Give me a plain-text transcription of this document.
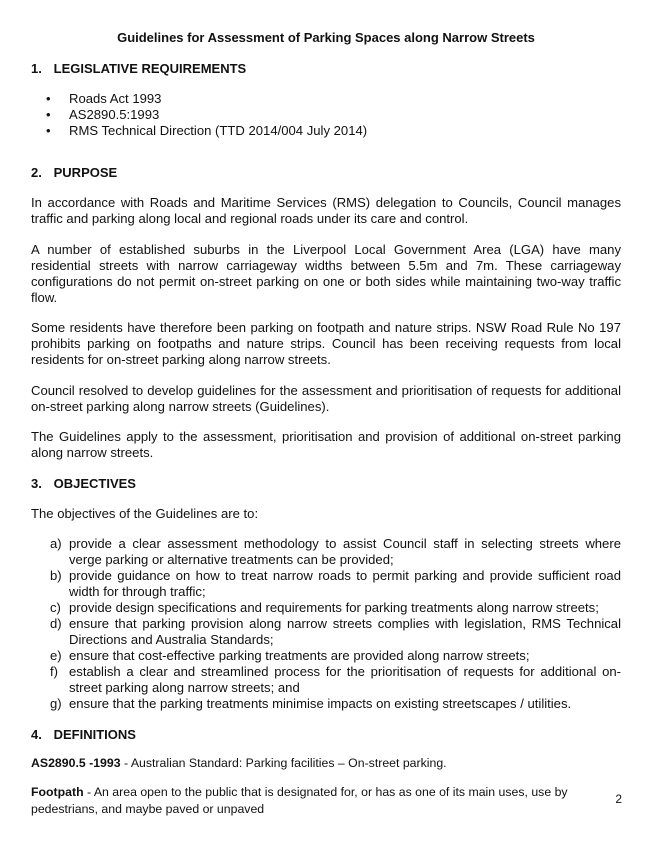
Guidelines for Assessment of Parking Spaces along Narrow Streets

1. LEGISLATIVE REQUIREMENTS
• Roads Act 1993
• AS2890.5:1993
• RMS Technical Direction (TTD 2014/004 July 2014)
2. PURPOSE

In accordance with Roads and Maritime Services (RMS) delegation to Councils, Council manages traffic and parking along local and regional roads under its care and control.

A number of established suburbs in the Liverpool Local Government Area (LGA) have many residential streets with narrow carriageway widths between 5.5m and 7m. These carriageway configurations do not permit on-street parking on one or both sides while maintaining two-way traffic flow.

Some residents have therefore been parking on footpath and nature strips. NSW Road Rule No 197 prohibits parking on footpaths and nature strips. Council has been receiving requests from local residents for on-street parking along narrow streets.

Council resolved to develop guidelines for the assessment and prioritisation of requests for additional on-street parking along narrow streets (Guidelines).

The Guidelines apply to the assessment, prioritisation and provision of additional on-street parking along narrow streets.

3. OBJECTIVES

The objectives of the Guidelines are to:

a) provide a clear assessment methodology to assist Council staff in selecting streets where verge parking or alternative treatments can be provided;
b) provide guidance on how to treat narrow roads to permit parking and provide sufficient road width for through traffic;
c) provide design specifications and requirements for parking treatments along narrow streets;
d) ensure that parking provision along narrow streets complies with legislation, RMS Technical Directions and Australia Standards;
e) ensure that cost-effective parking treatments are provided along narrow streets;
f) establish a clear and streamlined process for the prioritisation of requests for additional on-street parking along narrow streets; and
g) ensure that the parking treatments minimise impacts on existing streetscapes / utilities.
4. DEFINITIONS

AS2890.5 -1993 - Australian Standard: Parking facilities – On-street parking.

Footpath - An area open to the public that is designated for, or has as one of its main uses, use by pedestrians, and maybe paved or unpaved

2
